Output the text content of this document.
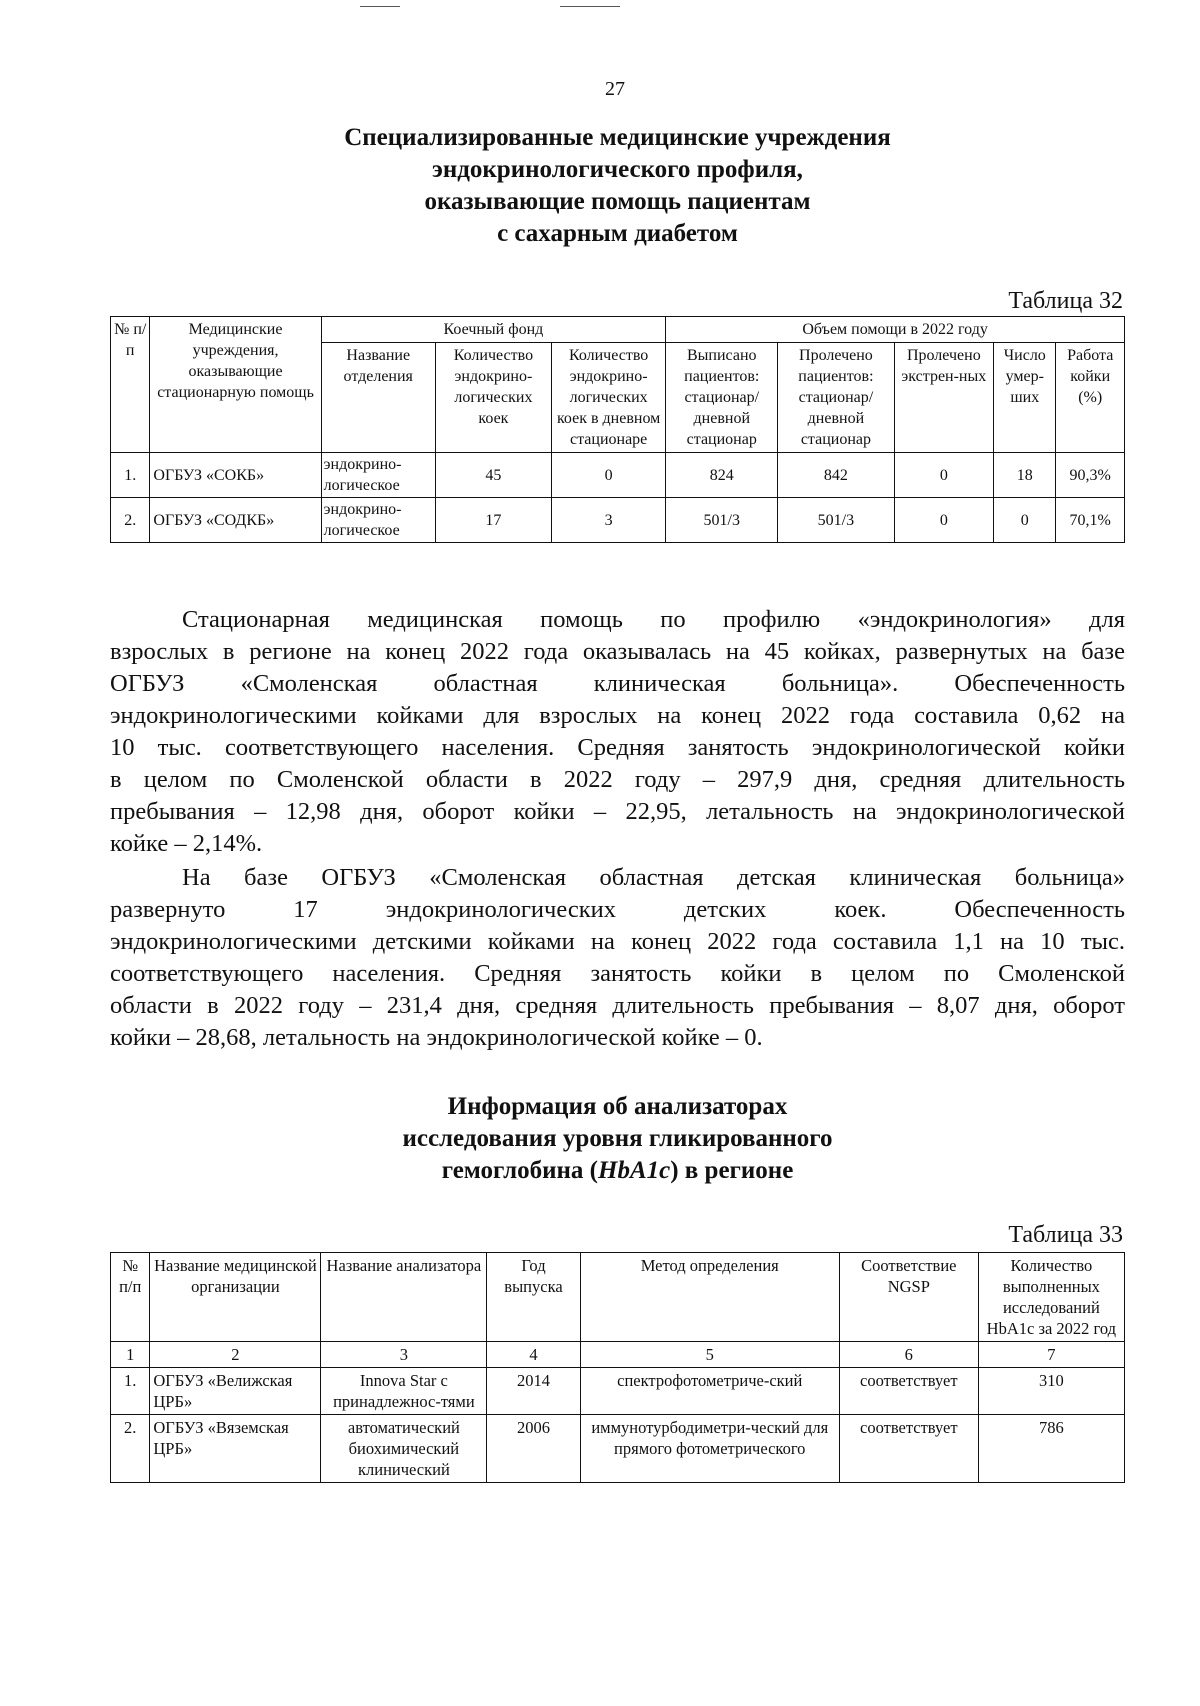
27
Специализированные медицинские учреждения
эндокринологического профиля,
оказывающие помощь пациентам
с сахарным диабетом
Таблица 32
№ п/п	Медицинские учреждения, оказывающие стационарную помощь	Коечный фонд			Объем помощи в 2022 году				
		Название отделения	Количество эндокрино-логических коек	Количество эндокрино-логических коек в дневном стационаре	Выписано пациентов: стационар/ дневной стационар	Пролечено пациентов: стационар/ дневной стационар	Пролечено экстрен-ных	Число умер-ших	Работа койки (%)
1.	ОГБУЗ «СОКБ»	эндокрино-логическое	45	0	824	842	0	18	90,3%
2.	ОГБУЗ «СОДКБ»	эндокрино-логическое	17	3	501/3	501/3	0	0	70,1%
Стационарная медицинская помощь по профилю «эндокринология» для
взрослых в регионе на конец 2022 года оказывалась на 45 койках, развернутых на базе
ОГБУЗ «Смоленская областная клиническая больница». Обеспеченность
эндокринологическими койками для взрослых на конец 2022 года составила 0,62 на
10 тыс. соответствующего населения. Средняя занятость эндокринологической койки
в целом по Смоленской области в 2022 году – 297,9 дня, средняя длительность
пребывания – 12,98 дня, оборот койки – 22,95, летальность на эндокринологической
койке – 2,14%.
На базе ОГБУЗ «Смоленская областная детская клиническая больница»
развернуто 17 эндокринологических детских коек. Обеспеченность
эндокринологическими детскими койками на конец 2022 года составила 1,1 на 10 тыс.
соответствующего населения. Средняя занятость койки в целом по Смоленской
области в 2022 году – 231,4 дня, средняя длительность пребывания – 8,07 дня, оборот
койки – 28,68, летальность на эндокринологической койке – 0.
Информация об анализаторах
исследования уровня гликированного
гемоглобина (HbA1c) в регионе
Таблица 33
№ п/п	Название медицинской организации	Название анализатора	Год выпуска	Метод определения	Соответствие NGSP	Количество выполненных исследований HbA1c за 2022 год
1	2	3	4	5	6	7
1.	ОГБУЗ «Велижская ЦРБ»	Innova Star с принадлежнос-тями	2014	спектрофотометриче-ский	соответствует	310
2.	ОГБУЗ «Вяземская ЦРБ»	автоматический биохимический клинический	2006	иммунотурбодиметри-ческий для прямого фотометрического	соответствует	786
